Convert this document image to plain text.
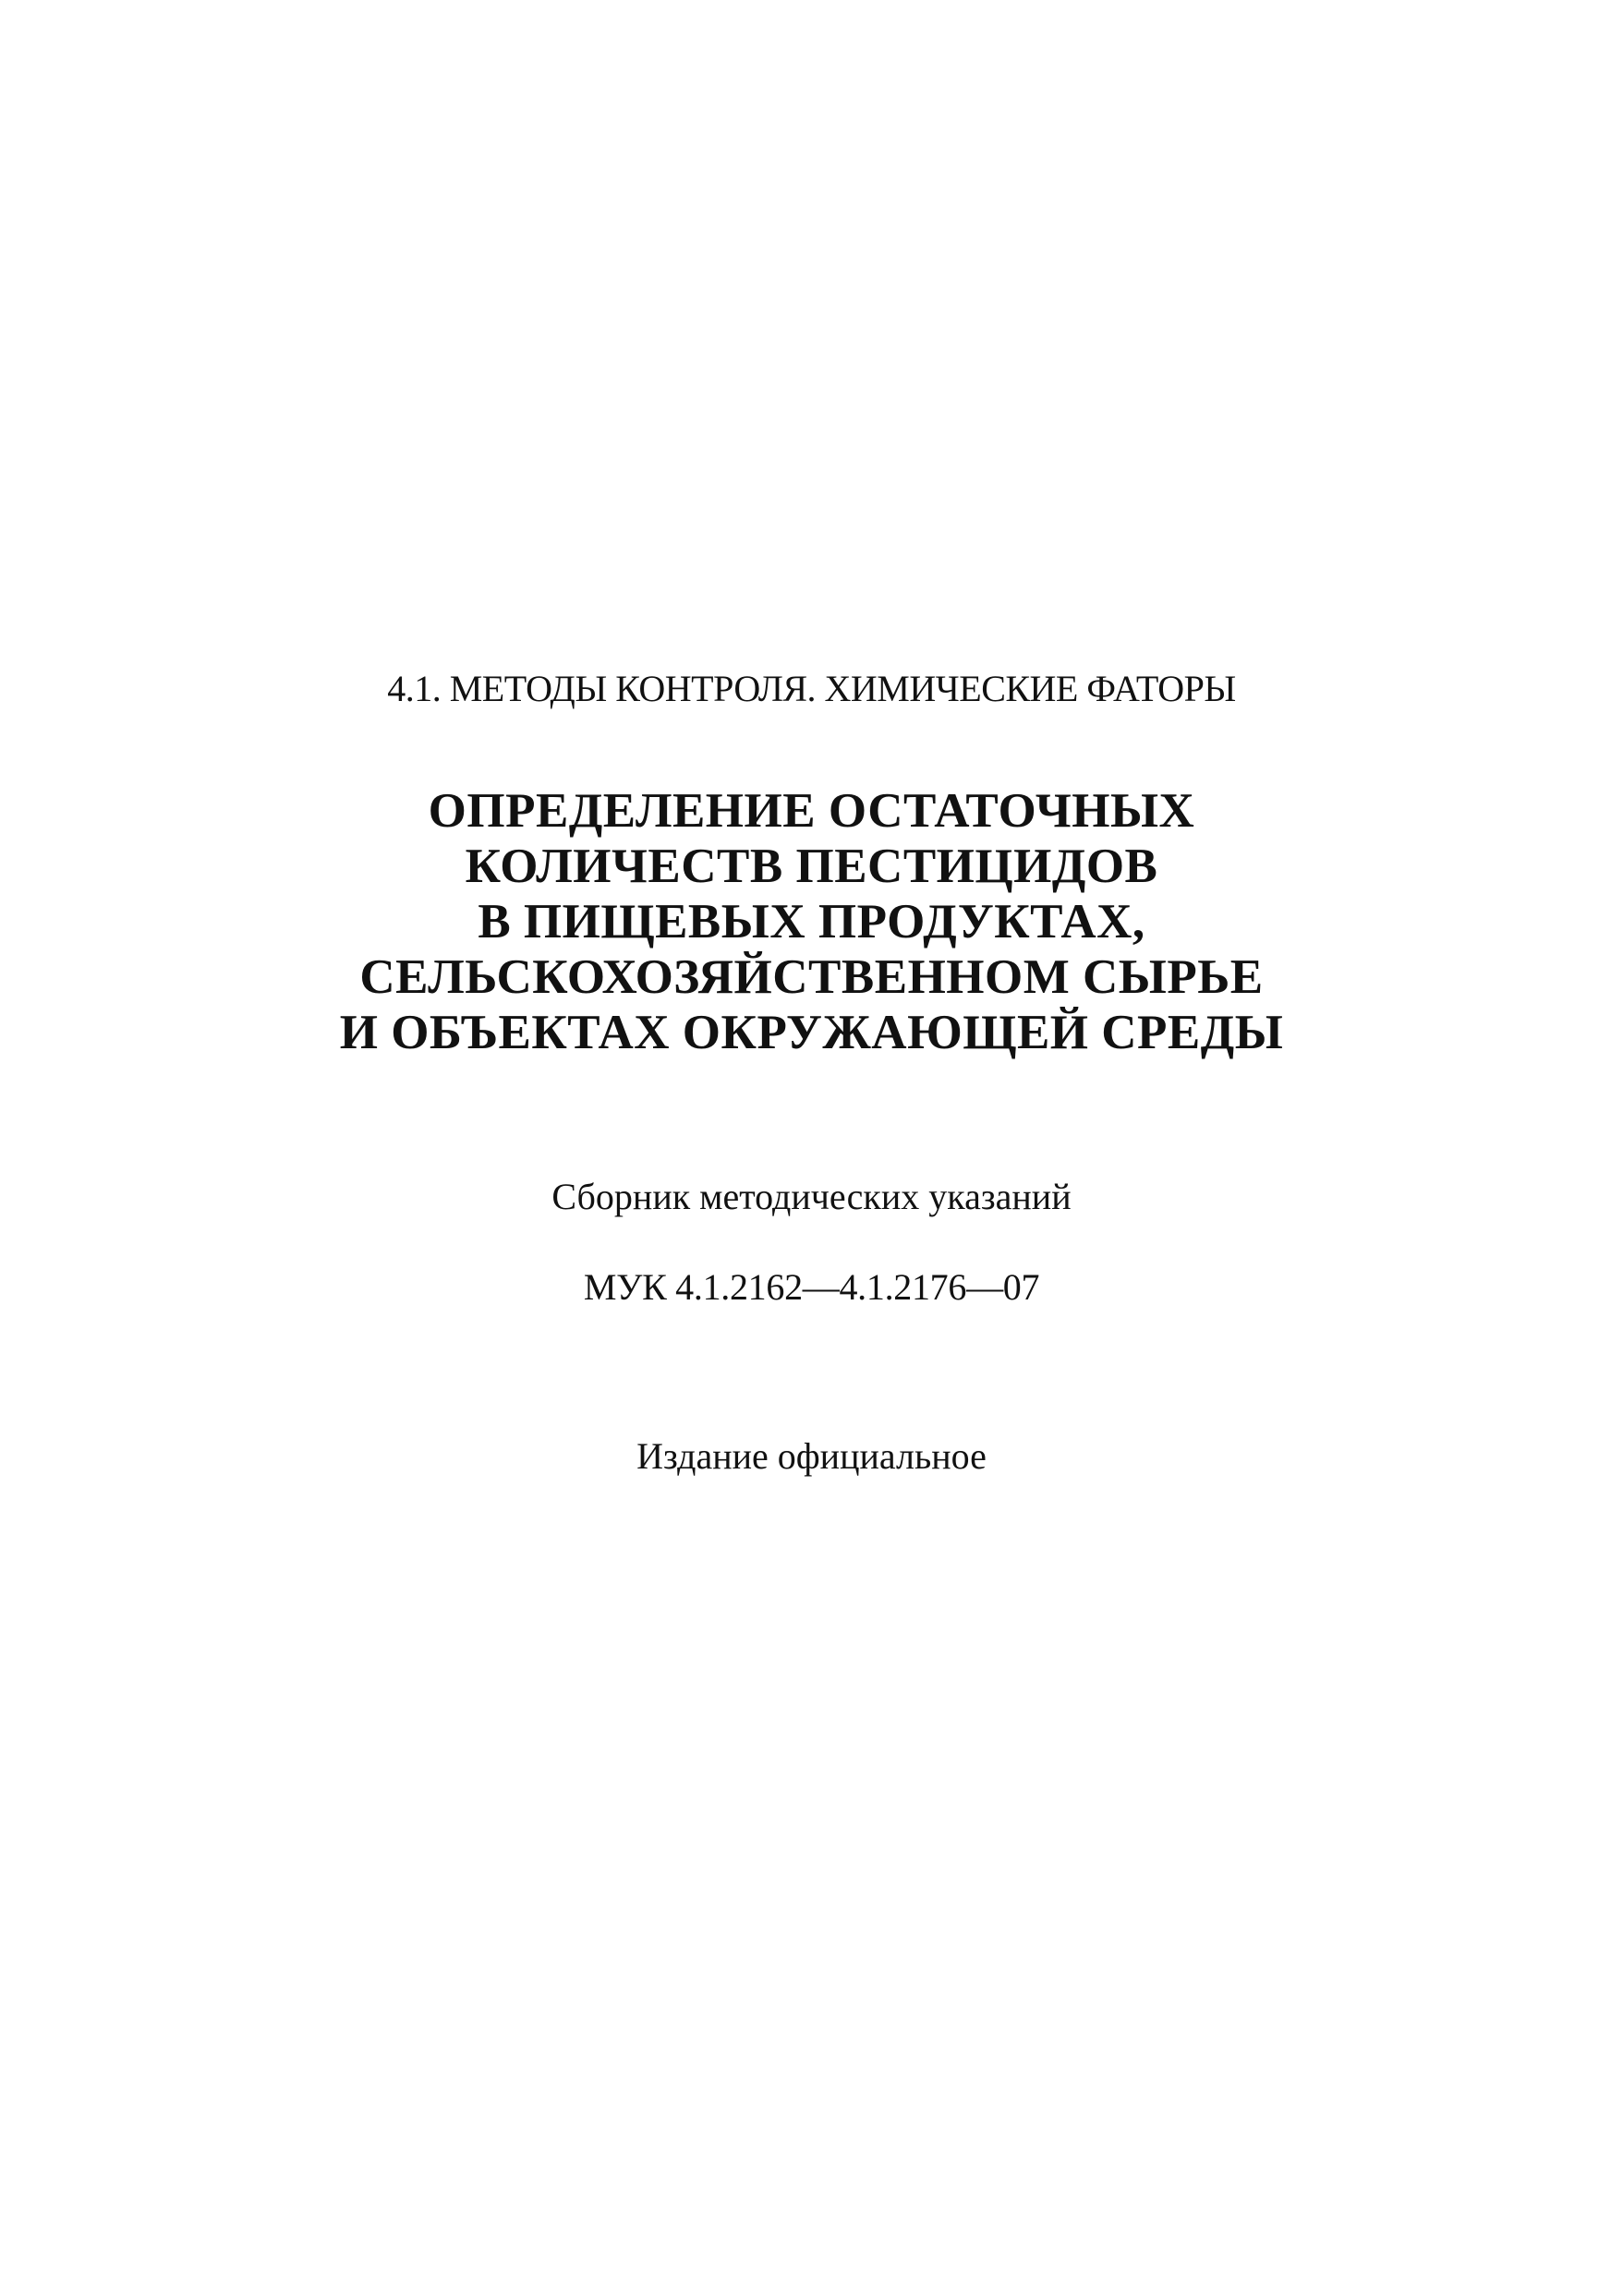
4.1. МЕТОДЫ КОНТРОЛЯ. ХИМИЧЕСКИЕ ФАТОРЫ
ОПРЕДЕЛЕНИЕ ОСТАТОЧНЫХ
КОЛИЧЕСТВ ПЕСТИЦИДОВ
В ПИЩЕВЫХ ПРОДУКТАХ,
СЕЛЬСКОХОЗЯЙСТВЕННОМ СЫРЬЕ
И ОБЪЕКТАХ ОКРУЖАЮЩЕЙ СРЕДЫ
Сборник методических указаний
МУК 4.1.2162—4.1.2176—07
Издание официальное
